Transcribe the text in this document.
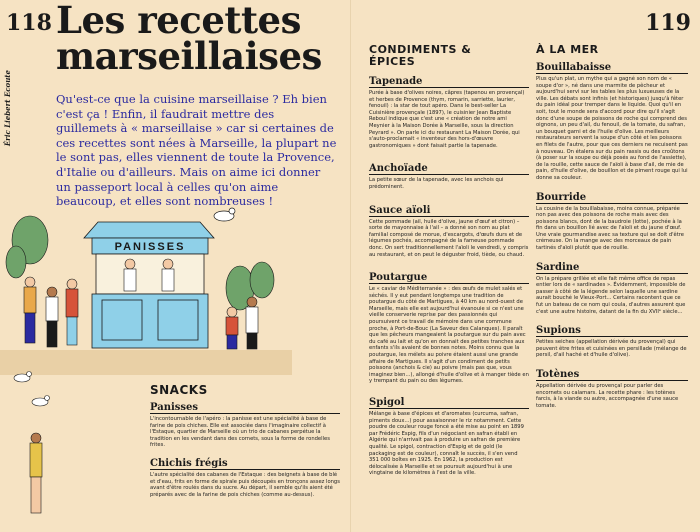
118
Éric Liebert Ecoute
Les recettes
marseillaises

Qu'est-ce que la cuisine marseillaise ? Eh bien c'est ça ! Enfin, il faudrait mettre des guillemets à « marseillaise » car si certaines de ces recettes sont nées à Marseille, la plupart ne le sont pas, elles viennent de toute la Provence, d'Italie ou d'ailleurs. Mais on aime ici donner un passeport local à celles qu'on aime beaucoup, et elles sont nombreuses !

PANISSES
SNACKS
Panisses

L'incontournable de l'apéro : la panisse est une spécialité à base de farine de pois chiches. Elle est associée dans l'imaginaire collectif à l'Estaque, quartier de Marseille où un trio de cabanes perpétue la tradition en les vendant dans des cornets, sous la forme de rondelles frites.

Chichis frégis

L'autre spécialité des cabanes de l'Estaque : des beignets à base de blé et d'eau, frits en forme de spirale puis découpés en tronçons assez longs avant d'être roulés dans du sucre. Au départ, il semble qu'ils aient été préparés avec de la farine de pois chiches (comme au-dessus).

119
CONDIMENTS & ÉPICES
Tapenade

Purée à base d'olives noires, câpres (tapenou en provençal) et herbes de Provence (thym, romarin, sarriette, laurier, fenouil) : la star de tout apéro. Dans le best-seller La Cuisinière provençale (1897), le cuisinier Jean Baptiste Reboul indique que c'est une « création de notre ami Meynier à la Maison Dorée à Marseille, sous la direction Peyrard ». On parle ici du restaurant La Maison Dorée, qui s'auto-proclamait « inventeur des hors-d'œuvre gastronomiques » dont faisait partie la tapenade.

Anchoïade

La petite sœur de la tapenade, avec les anchois qui prédominent.

Sauce aïoli

Cette pommade (ail, huile d'olive, jaune d'œuf et citron) – sorte de mayonnaise à l'ail – a donné son nom au plat familial composé de morue, d'escargots, d'œufs durs et de légumes pochés, accompagné de la fameuse pommade donc. On sert traditionnellement l'aïoli le vendredi, y compris au restaurant, et on peut le déguster froid, tiède, ou chaud.

Poutargue

Le « caviar de Méditerranée » : des œufs de mulet salés et séchés. Il y eut pendant longtemps une tradition de poutargue du côté de Martigues, à 40 km au nord-ouest de Marseille, mais elle est aujourd'hui évanouie si ce n'est une vieille conserverie reprise par des passionnés qui poursuivent ce travail de mémoire dans une commune proche, à Port-de-Bouc (La Saveur des Calanques). Il paraît que les pêcheurs mangeaient la poutargue sur du pain avec du café au lait et qu'on en donnait des petites tranches aux enfants s'ils avaient de bonnes notes. Moins connu que la poutargue, les mélets au poivre étaient aussi une grande affaire de Martigues. Il s'agit d'un condiment de petits poissons (anchois & cie) au poivre (mais pas que, vous imaginez bien...), allongé d'huile d'olive et à manger tiède en y trempant du pain ou des légumes.

Spigol

Mélange à base d'épices et d'aromates (curcuma, safran, piments doux...) pour assaisonner le riz notamment. Cette poudre de couleur rouge foncé a été mise au point en 1899 par Frédéric Espig, fils d'un négociant en safran établi en Algérie qui n'arrivait pas à produire un safran de première qualité. Le spigol, contraction d'Espig et de gold (le packaging est de couleur), connaît le succès, il s'en vend 351 000 boîtes en 1925. En 1962, la production est délocalisée à Marseille et se poursuit aujourd'hui à une vingtaine de kilomètres à l'est de la ville.

À LA MER
Bouillabaisse

Plus qu'un plat, un mythe qui a gagné son nom de « soupe d'or », né dans une marmite de pêcheur et aujourd'hui servi sur les tables les plus luxueuses de la ville. Les débats sont infinis (et historiques) jusqu'à fêter du pain idéal pour tremper dans le liquide. Quoi qu'il en soit, tout le monde sera d'accord pour dire qu'il s'agit donc d'une soupe de poissons de roche qui comprend des oignons, un peu d'ail, du fenouil, de la tomate, du safran, un bouquet garni et de l'huile d'olive. Les meilleurs restaurateurs servent la soupe d'un côté et les poissons en filets de l'autre, pour que ces derniers ne recuisent pas à nouveau. On étalera sur du pain rassis ou des croûtons (à poser sur la soupe ou déjà posés au fond de l'assiette), de la rouille, cette sauce de l'aïoli à base d'ail, de mie de pain, d'huile d'olive, de bouillon et de piment rouge qui lui donne sa couleur.

Bourride

La cousine de la bouillabaisse, moins connue, préparée non pas avec des poissons de roche mais avec des poissons blancs, dont de la baudroie (lotte), pochée à la fin dans un bouillon lié avec de l'aïoli et du jaune d'œuf. Une vraie gourmandise avec sa texture qui se doit d'être crémeuse. On la mange avec des morceaux de pain tartinés d'aïoli plutôt que de rouille.

Sardine

On la prépare grillée et elle fait même office de repas entier lors de « sardinades ». Évidemment, impossible de passer à côté de la légende selon laquelle une sardine aurait bouché le Vieux-Port... Certains racontent que ce fut un bateau de ce nom qui coula, d'autres assurent que c'est une autre histoire, datant de la fin du XVIIᵉ siècle...

Supions

Petites seiches (appellation dérivée du provençal) qui peuvent être frites et cuisinées en persillade (mélange de persil, d'ail haché et d'huile d'olive).

Totènes

Appellation dérivée du provençal pour parler des encornets ou calamars. La recette phare : les totènes farcis, à la viande ou autre, accompagnée d'une sauce tomate.
